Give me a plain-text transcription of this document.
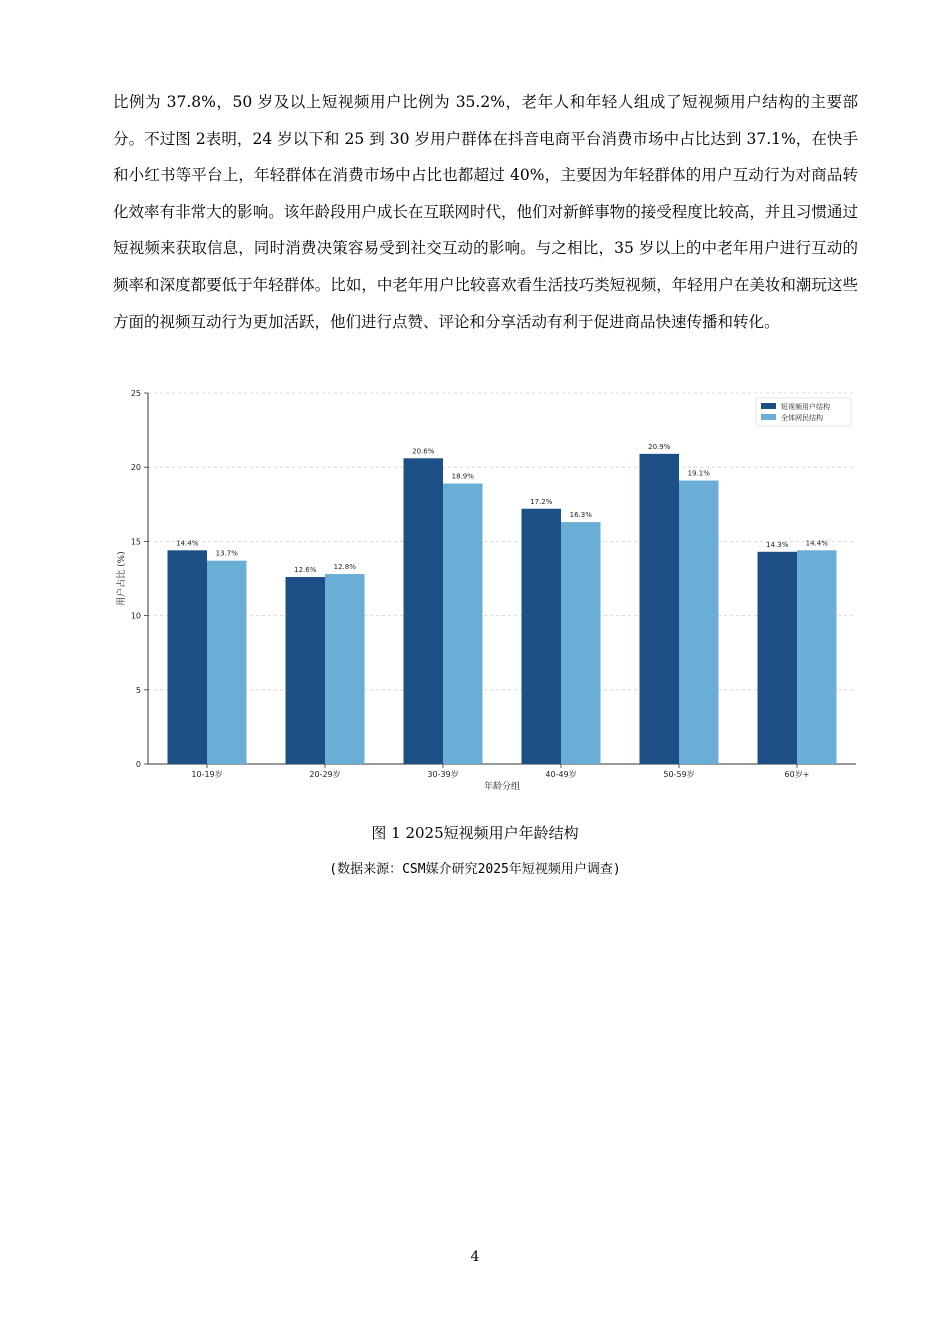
比例为 37.8%，50 岁及以上短视频用户比例为 35.2%，老年人和年轻人组成了短视频用户结构的主要部分。不过图 2表明，24 岁以下和 25 到 30 岁用户群体在抖音电商平台消费市场中占比达到 37.1%，在快手和小红书等平台上，年轻群体在消费市场中占比也都超过 40%，主要因为年轻群体的用户互动行为对商品转化效率有非常大的影响。该年龄段用户成长在互联网时代，他们对新鲜事物的接受程度比较高，并且习惯通过短视频来获取信息，同时消费决策容易受到社交互动的影响。与之相比，35 岁以上的中老年用户进行互动的频率和深度都要低于年轻群体。比如，中老年用户比较喜欢看生活技巧类短视频，年轻用户在美妆和潮玩这些方面的视频互动行为更加活跃，他们进行点赞、评论和分享活动有利于促进商品快速传播和转化。

0
5
10
15
20
25
14.4%
13.7%
10-19岁
12.6% 12.8%
20-29岁
20.6%
18.9%
30-39岁
17.2%
16.3%
40-49岁
20.9%
19.1%
50-59岁
14.3% 14.4%
60岁+
年龄分组
用户占比 (%)
短视频用户结构
全体网民结构

图 1 2025短视频用户年龄结构

(数据来源：CSM媒介研究2025年短视频用户调查)

4
